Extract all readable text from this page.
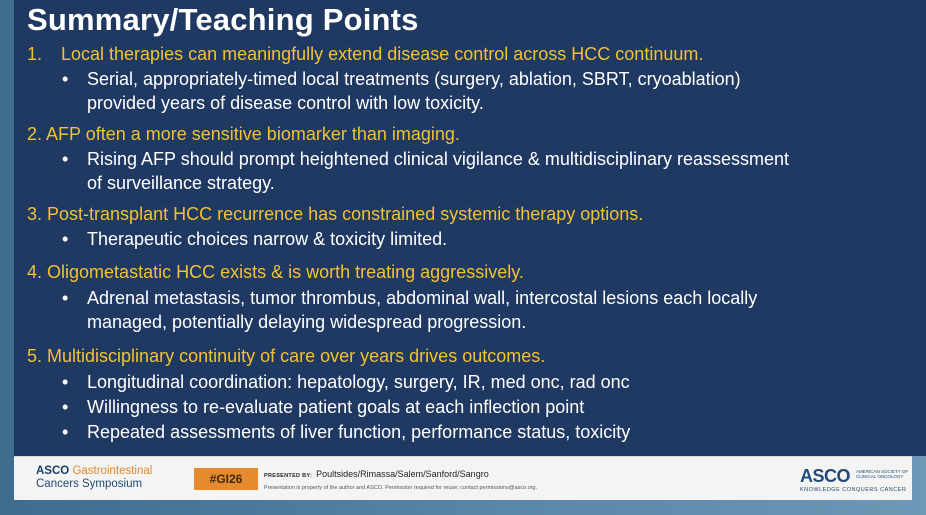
Summary/Teaching Points

1. Local therapies can meaningfully extend disease control across HCC continuum.

• Serial, appropriately-timed local treatments (surgery, ablation, SBRT, cryoablation)
provided years of disease control with low toxicity.

2. AFP often a more sensitive biomarker than imaging.

• Rising AFP should prompt heightened clinical vigilance & multidisciplinary reassessment
of surveillance strategy.

3. Post-transplant HCC recurrence has constrained systemic therapy options.

• Therapeutic choices narrow & toxicity limited.

4. Oligometastatic HCC exists & is worth treating aggressively.

• Adrenal metastasis, tumor thrombus, abdominal wall, intercostal lesions each locally
managed, potentially delaying widespread progression.

5. Multidisciplinary continuity of care over years drives outcomes.

• Longitudinal coordination: hepatology, surgery, IR, med onc, rad onc
• Willingness to re-evaluate patient goals at each inflection point
• Repeated assessments of liver function, performance status, toxicity
ASCO Gastrointestinal
Cancers Symposium	#GI26	PRESENTED BY: Poultsides/Rimassa/Salem/Sanford/Sangro
Presentation is property of the author and ASCO. Permission required for reuse; contact permissions@asco.org.
ASCO	AMERICAN SOCIETY OF
CLINICAL ONCOLOGY
KNOWLEDGE CONQUERS CANCER
